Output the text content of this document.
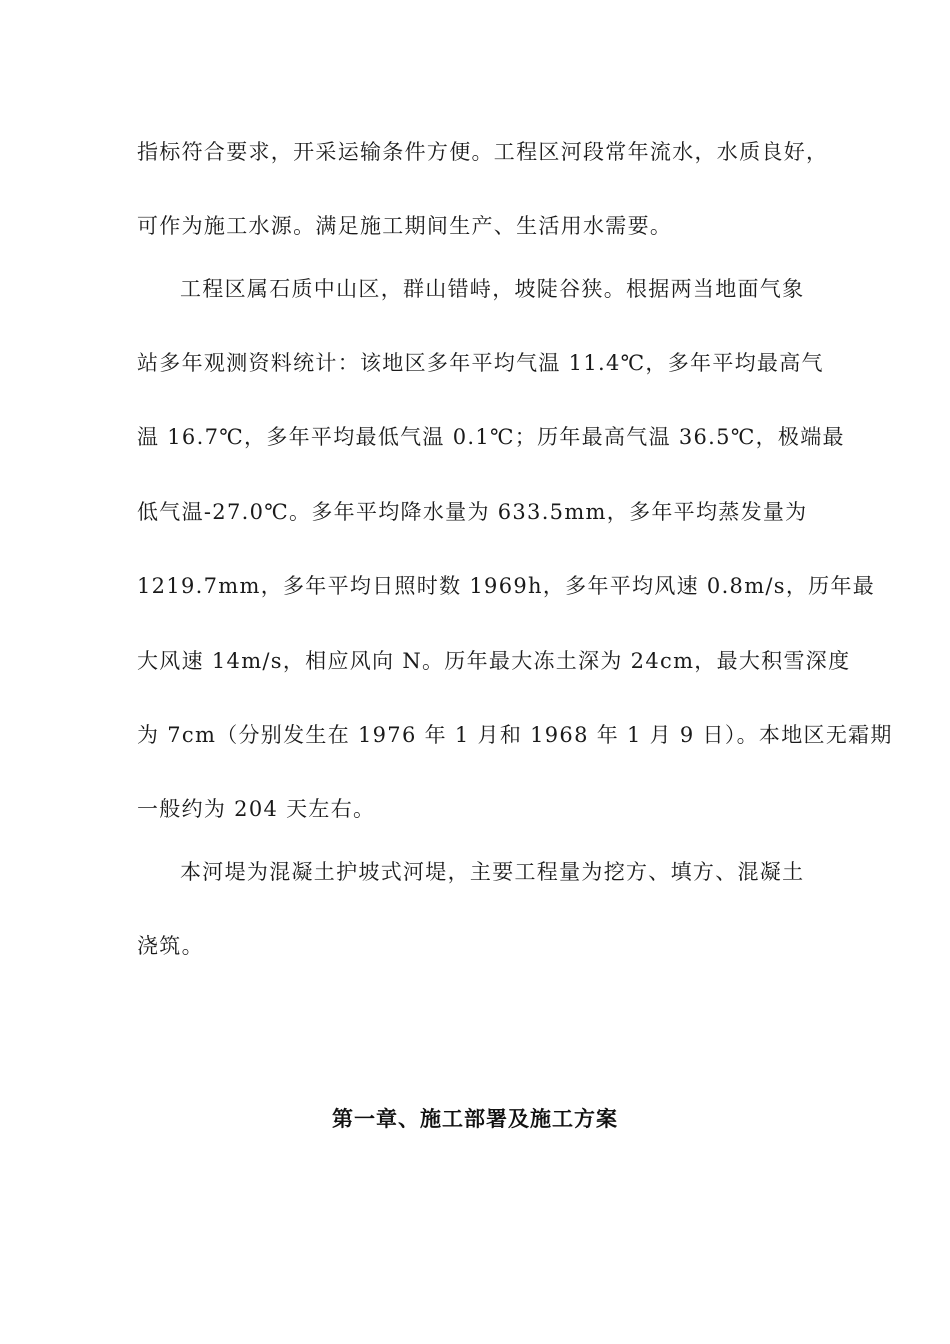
指标符合要求，开采运输条件方便。工程区河段常年流水，水质良好，
可作为施工水源。满足施工期间生产、生活用水需要。
工程区属石质中山区，群山错峙，坡陡谷狭。根据两当地面气象
站多年观测资料统计：该地区多年平均气温 11.4℃，多年平均最高气
温 16.7℃，多年平均最低气温 0.1℃；历年最高气温 36.5℃，极端最
低气温-27.0℃。多年平均降水量为 633.5mm，多年平均蒸发量为
1219.7mm，多年平均日照时数 1969h，多年平均风速 0.8m/s，历年最
大风速 14m/s，相应风向 N。历年最大冻土深为 24cm，最大积雪深度
为 7cm（分别发生在 1976 年 1 月和 1968 年 1 月 9 日）。本地区无霜期
一般约为 204 天左右。
本河堤为混凝土护坡式河堤，主要工程量为挖方、填方、混凝土
浇筑。
第一章、施工部署及施工方案
